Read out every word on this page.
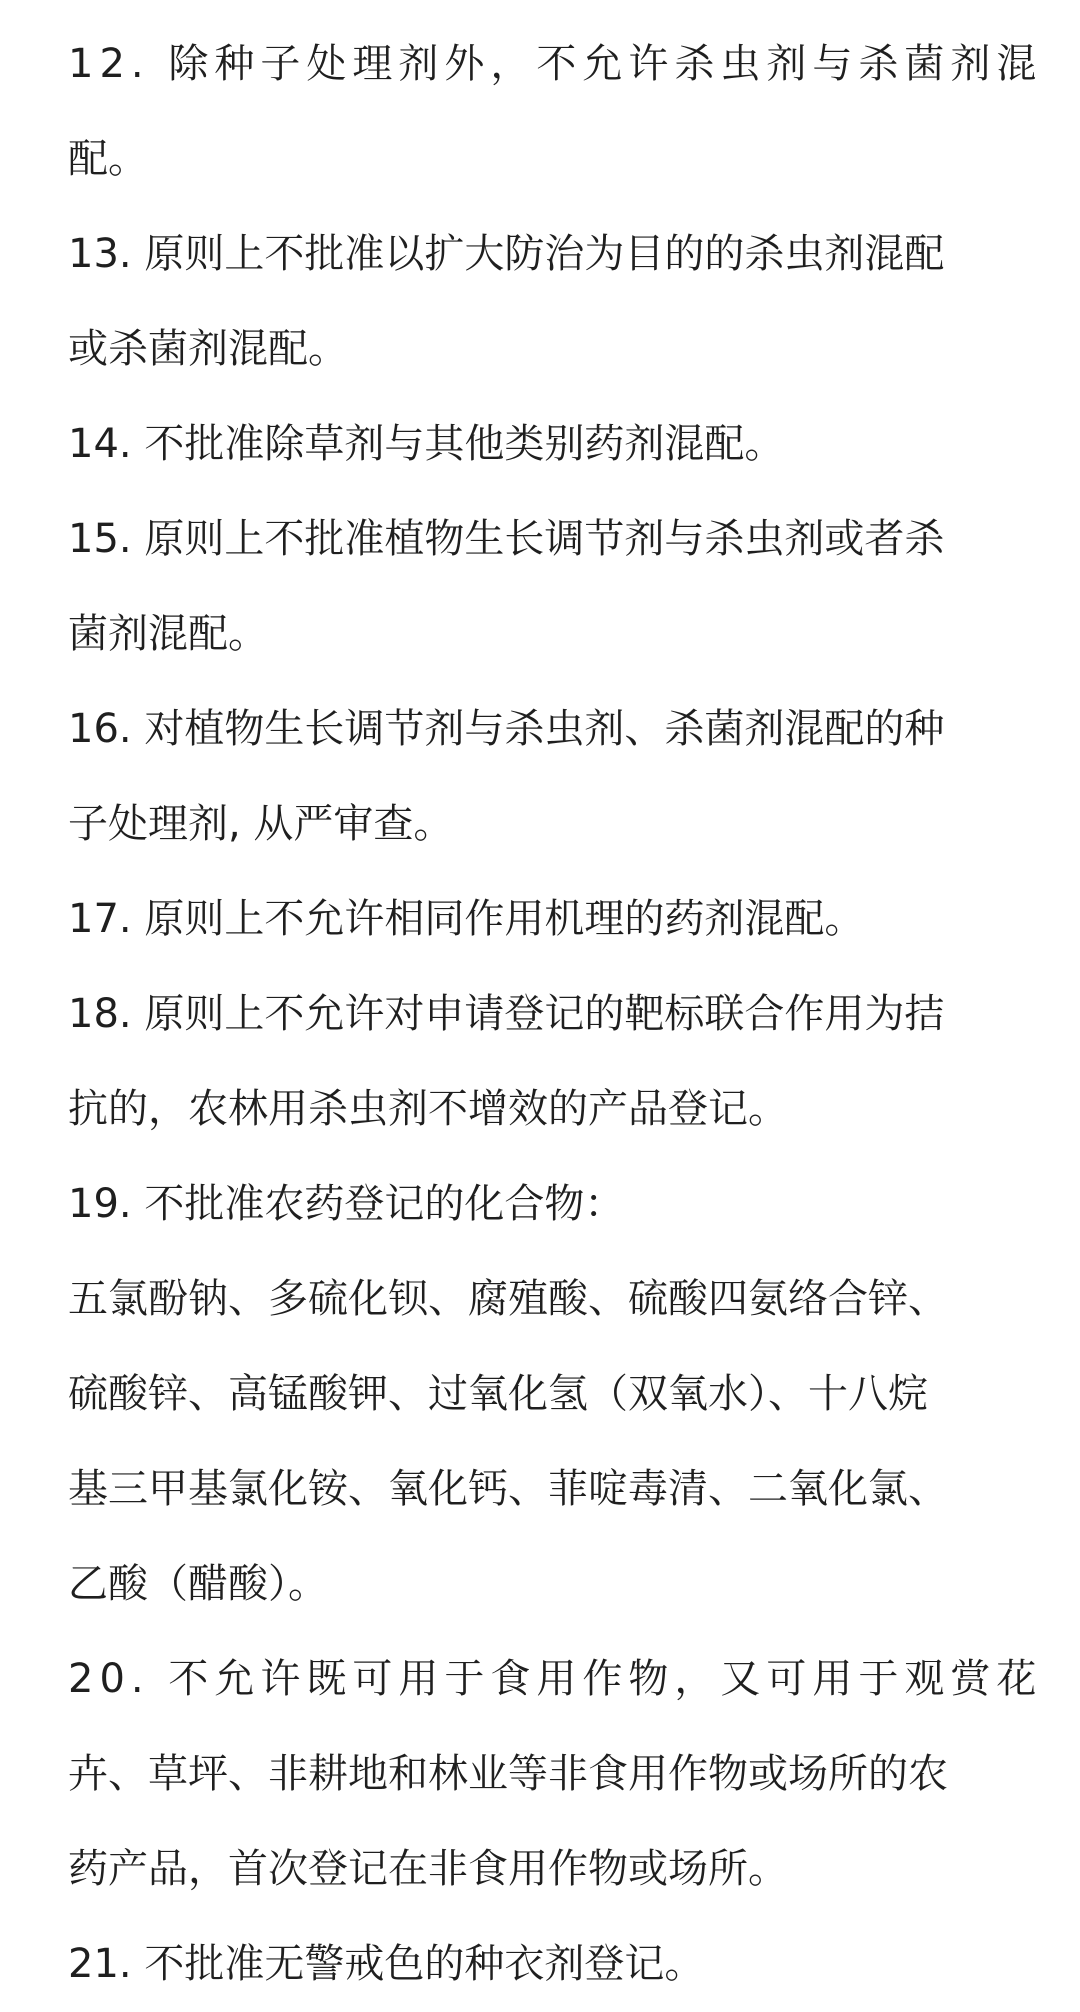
12. 除种子处理剂外，不允许杀虫剂与杀菌剂混
配。
13. 原则上不批准以扩大防治为目的的杀虫剂混配
或杀菌剂混配。
14. 不批准除草剂与其他类别药剂混配。
15. 原则上不批准植物生长调节剂与杀虫剂或者杀
菌剂混配。
16. 对植物生长调节剂与杀虫剂、杀菌剂混配的种
子处理剂, 从严审查。
17. 原则上不允许相同作用机理的药剂混配。
18. 原则上不允许对申请登记的靶标联合作用为拮
抗的，农林用杀虫剂不增效的产品登记。
19. 不批准农药登记的化合物：
五氯酚钠、多硫化钡、腐殖酸、硫酸四氨络合锌、
硫酸锌、高锰酸钾、过氧化氢（双氧水）、十八烷
基三甲基氯化铵、氧化钙、菲啶毒清、二氧化氯、
乙酸（醋酸）。
20. 不允许既可用于食用作物，又可用于观赏花
卉、草坪、非耕地和林业等非食用作物或场所的农
药产品，首次登记在非食用作物或场所。
21. 不批准无警戒色的种衣剂登记。
